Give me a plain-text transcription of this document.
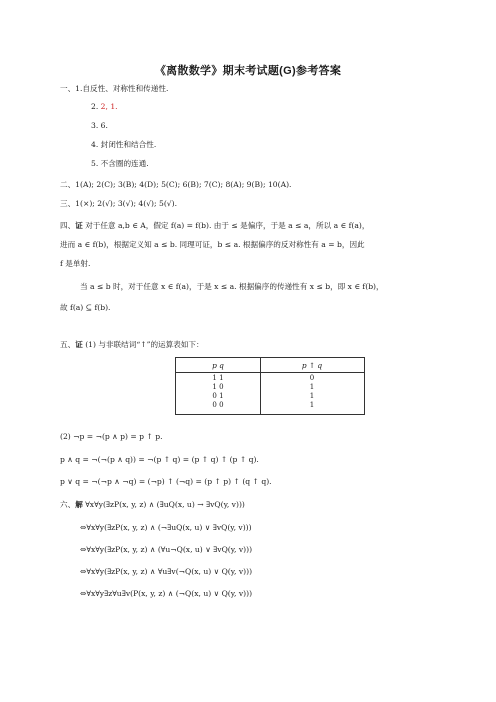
《离散数学》期末考试题(G)参考答案
一、1.自反性、对称性和传递性.
2. 2, 1.
3. 6.
4. 封闭性和结合性.
5. 不含圈的连通.
二、1(A); 2(C); 3(B); 4(D); 5(C); 6(B); 7(C); 8(A); 9(B); 10(A).
三、1(×); 2(√); 3(√); 4(√); 5(√).
四、证 对于任意 a,b ∈ A，假定 f(a) = f(b). 由于 ≤ 是偏序，于是 a ≤ a，所以 a ∈ f(a)，
进而 a ∈ f(b)，根据定义知 a ≤ b. 同理可证，b ≤ a. 根据偏序的反对称性有 a = b，因此
f 是单射.
当 a ≤ b 时，对于任意 x ∈ f(a)，于是 x ≤ a. 根据偏序的传递性有 x ≤ b，即 x ∈ f(b)，
故 f(a) ⊆ f(b).
五、证 (1) 与非联结词“↑”的运算表如下：
p q	p ↑ q
1 1	0
1 0	1
0 1	1
0 0	1
(2) ¬p = ¬(p ∧ p) = p ↑ p.
p ∧ q = ¬(¬(p ∧ q)) = ¬(p ↑ q) = (p ↑ q) ↑ (p ↑ q).
p ∨ q = ¬(¬p ∧ ¬q) = (¬p) ↑ (¬q) = (p ↑ p) ↑ (q ↑ q).
六、解 ∀x∀y(∃zP(x, y, z) ∧ (∃uQ(x, u) → ∃vQ(y, v)))
⇔∀x∀y(∃zP(x, y, z) ∧ (¬∃uQ(x, u) ∨ ∃vQ(y, v)))
⇔∀x∀y(∃zP(x, y, z) ∧ (∀u¬Q(x, u) ∨ ∃vQ(y, v)))
⇔∀x∀y(∃zP(x, y, z) ∧ ∀u∃v(¬Q(x, u) ∨ Q(y, v)))
⇔∀x∀y∃z∀u∃v(P(x, y, z) ∧ (¬Q(x, u) ∨ Q(y, v)))
